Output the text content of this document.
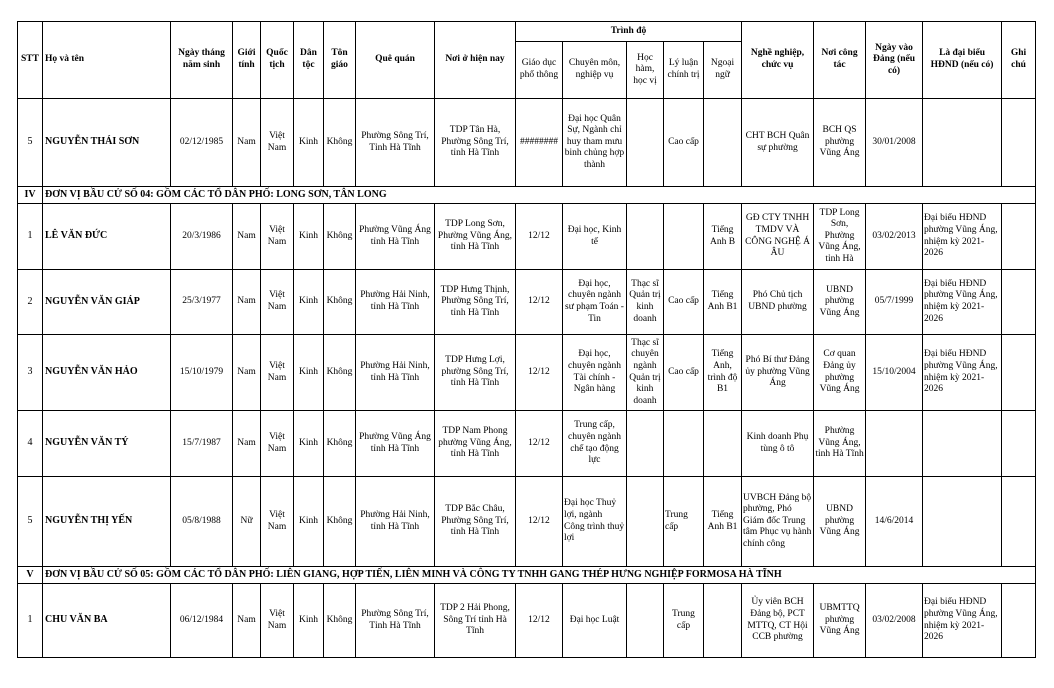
STT	Họ và tên	Ngày tháng năm sinh	Giới tính	Quốc tịch	Dân tộc	Tôn giáo	Quê quán	Nơi ở hiện nay	Trình độ					Nghề nghiệp, chức vụ	Nơi công tác	Ngày vào Đảng (nếu có)	Là đại biểu HĐND (nếu có)	Ghi chú
									Giáo dục phổ thông	Chuyên môn, nghiệp vụ	Học hàm, học vị	Lý luận chính trị	Ngoại ngữ					
5	NGUYỄN THÁI SƠN	02/12/1985	Nam	Việt Nam	Kinh	Không	Phường Sông Trí, Tỉnh Hà Tĩnh	TDP Tân Hà, Phường Sông Trí, tỉnh Hà Tĩnh	########	Đại học Quân Sự, Ngành chỉ huy tham mưu binh chủng hợp thành		Cao cấp		CHT BCH Quân sự phường	BCH QS phường Vũng Áng	30/01/2008		
IV	ĐƠN VỊ BẦU CỬ SỐ 04: GỒM CÁC TỔ DÂN PHỐ: LONG SƠN, TÂN LONG																	
1	LÊ VĂN ĐỨC	20/3/1986	Nam	Việt Nam	Kinh	Không	Phường Vũng Áng tỉnh Hà Tĩnh	TDP Long Sơn, Phường Vũng Áng, tỉnh Hà Tĩnh	12/12	Đại học, Kinh tế			Tiếng Anh B	GĐ CTY TNHH TMDV VÀ CÔNG NGHỆ Á ÂU	TDP Long Sơn, Phường Vũng Áng, tỉnh Hà	03/02/2013	Đại biểu HĐND phường Vũng Áng, nhiệm kỳ 2021-2026	
2	NGUYỄN VĂN GIÁP	25/3/1977	Nam	Việt Nam	Kinh	Không	Phường Hải Ninh, tỉnh Hà Tĩnh	TDP Hưng Thịnh, Phường Sông Trí, tỉnh Hà Tĩnh	12/12	Đại học, chuyên ngành sư phạm Toán - Tin	Thạc sĩ Quản trị kinh doanh	Cao cấp	Tiếng Anh B1	Phó Chủ tịch UBND phường	UBND phường Vũng Áng	05/7/1999	Đại biểu HĐND phường Vũng Áng, nhiệm kỳ 2021-2026	
3	NGUYỄN VĂN HẢO	15/10/1979	Nam	Việt Nam	Kinh	Không	Phường Hải Ninh, tỉnh Hà Tĩnh	TDP Hưng Lợi, phường Sông Trí, tỉnh Hà Tĩnh	12/12	Đại học, chuyên ngành Tài chính - Ngân hàng	Thạc sĩ chuyên ngành Quản trị kinh doanh	Cao cấp	Tiếng Anh, trình độ B1	Phó Bí thư Đảng ủy phường Vũng Áng	Cơ quan Đảng ủy phường Vũng Áng	15/10/2004	Đại biểu HĐND phường Vũng Áng, nhiệm kỳ 2021-2026	
4	NGUYỄN VĂN TÝ	15/7/1987	Nam	Việt Nam	Kinh	Không	Phường Vũng Áng tỉnh Hà Tĩnh	TDP Nam Phong phường Vũng Áng, tỉnh Hà Tĩnh	12/12	Trung cấp, chuyên ngành chế tạo động lực				Kinh doanh Phụ tùng ô tô	Phường Vũng Áng, tỉnh Hà Tĩnh			
5	NGUYỄN THỊ YẾN	05/8/1988	Nữ	Việt Nam	Kinh	Không	Phường Hải Ninh, tỉnh Hà Tĩnh	TDP Bắc Châu, Phường Sông Trí, tỉnh Hà Tĩnh	12/12	Đại học Thuỷ lợi, ngành Công trình thuỷ lợi		Trung cấp	Tiếng Anh B1	UVBCH Đảng bộ phường, Phó Giám đốc Trung tâm Phục vụ hành chính công	UBND phường Vũng Áng	14/6/2014		
V	ĐƠN VỊ BẦU CỬ SỐ 05: GỒM CÁC TỔ DÂN PHỐ: LIÊN GIANG, HỢP TIẾN, LIÊN MINH VÀ CÔNG TY TNHH GANG THÉP HƯNG NGHIỆP FORMOSA HÀ TĨNH																	
1	CHU VĂN BA	06/12/1984	Nam	Việt Nam	Kinh	Không	Phường Sông Trí, Tỉnh Hà Tĩnh	TDP 2 Hải Phong, Sông Trí tỉnh Hà Tĩnh	12/12	Đại học Luật		Trung cấp		Ủy viên BCH Đảng bộ, PCT MTTQ, CT Hội CCB phường	UBMTTQ phường Vũng Áng	03/02/2008	Đại biểu HĐND phường Vũng Áng, nhiệm kỳ 2021-2026	
